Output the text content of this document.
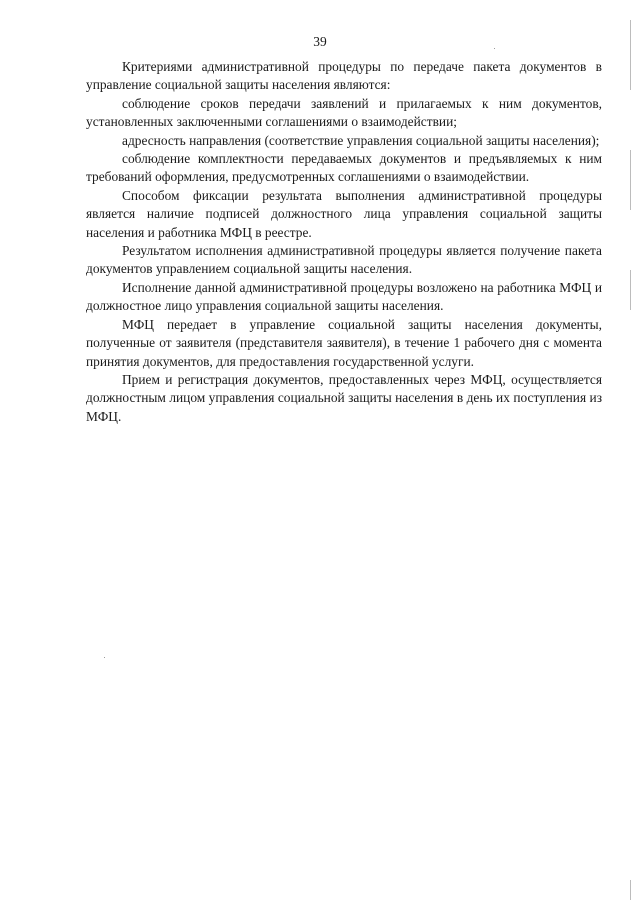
39

Критериями административной процедуры по передаче пакета документов в управление социальной защиты населения являются:

соблюдение сроков передачи заявлений и прилагаемых к ним документов, установленных заключенными соглашениями о взаимодействии;

адресность направления (соответствие управления социальной защиты населения);

соблюдение комплектности передаваемых документов и предъявляемых к ним требований оформления, предусмотренных соглашениями о взаимодействии.

Способом фиксации результата выполнения административной процедуры является наличие подписей должностного лица управления социальной защиты населения и работника МФЦ в реестре.

Результатом исполнения административной процедуры является получение пакета документов управлением социальной защиты населения.

Исполнение данной административной процедуры возложено на работника МФЦ и должностное лицо управления социальной защиты населения.

МФЦ передает в управление социальной защиты населения документы, полученные от заявителя (представителя заявителя), в течение 1 рабочего дня с момента принятия документов, для предоставления государственной услуги.

Прием и регистрация документов, предоставленных через МФЦ, осуществляется должностным лицом управления социальной защиты населения в день их поступления из МФЦ.
